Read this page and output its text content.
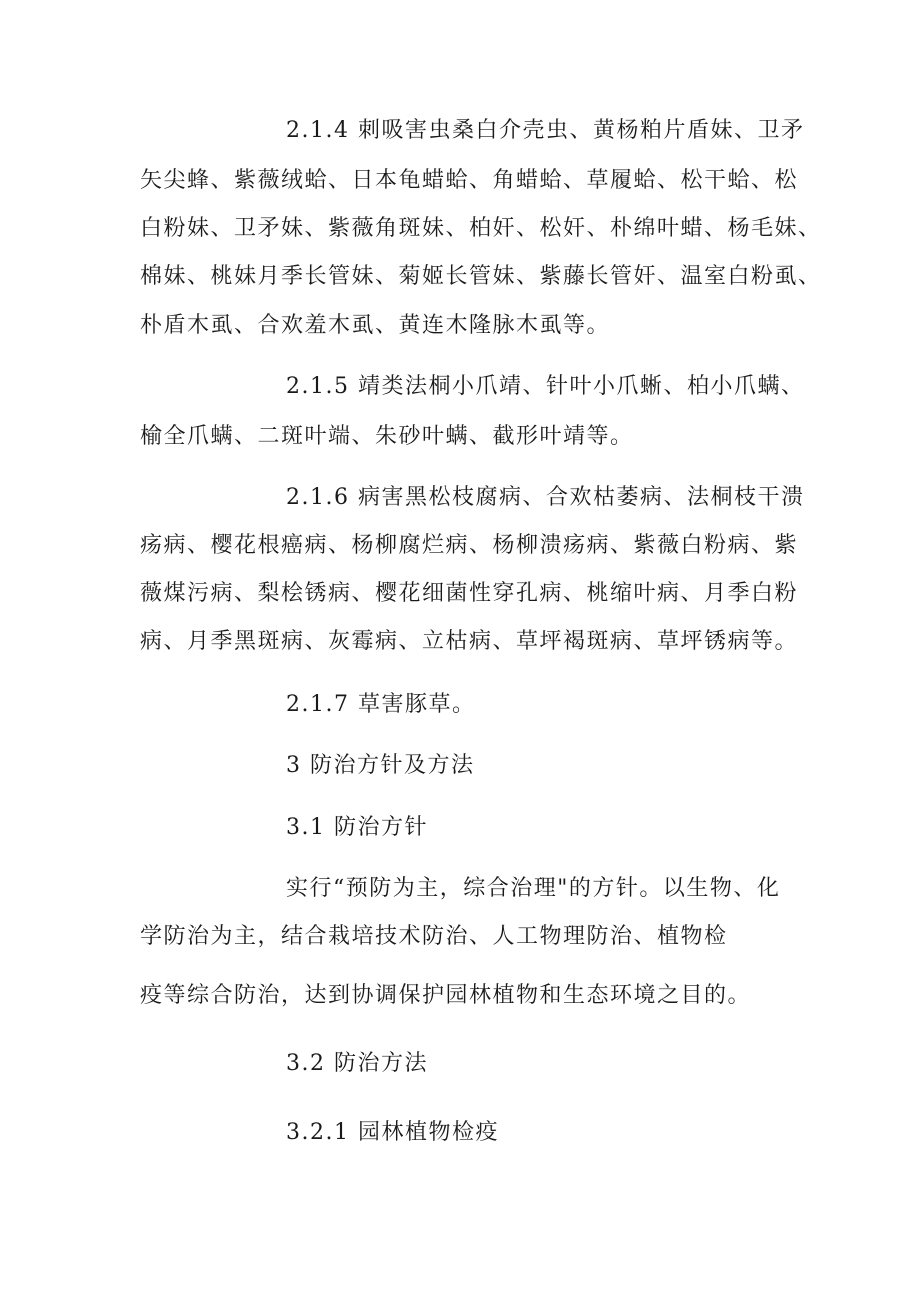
2.1.4 刺吸害虫桑白介壳虫、黄杨粕片盾妹、卫矛
矢尖蜂、紫薇绒蛤、日本龟蜡蛤、角蜡蛤、草履蛤、松干蛤、松
白粉妹、卫矛妹、紫薇角斑妹、柏奸、松奸、朴绵叶蜡、杨毛妹、
棉妹、桃妹月季长管妹、菊姬长管妹、紫藤长管奸、温室白粉虱、
朴盾木虱、合欢羞木虱、黄连木隆脉木虱等。
2.1.5 靖类法桐小爪靖、针叶小爪蜥、柏小爪螨、
榆全爪螨、二斑叶端、朱砂叶螨、截形叶靖等。
2.1.6 病害黑松枝腐病、合欢枯萎病、法桐枝干溃
疡病、樱花根癌病、杨柳腐烂病、杨柳溃疡病、紫薇白粉病、紫
薇煤污病、梨桧锈病、樱花细菌性穿孔病、桃缩叶病、月季白粉
病、月季黑斑病、灰霉病、立枯病、草坪褐斑病、草坪锈病等。
2.1.7 草害豚草。
3 防治方针及方法
3.1 防治方针
实行“预防为主，综合治理"的方针。以生物、化
学防治为主，结合栽培技术防治、人工物理防治、植物检
疫等综合防治，达到协调保护园林植物和生态环境之目的。
3.2 防治方法
3.2.1 园林植物检疫
